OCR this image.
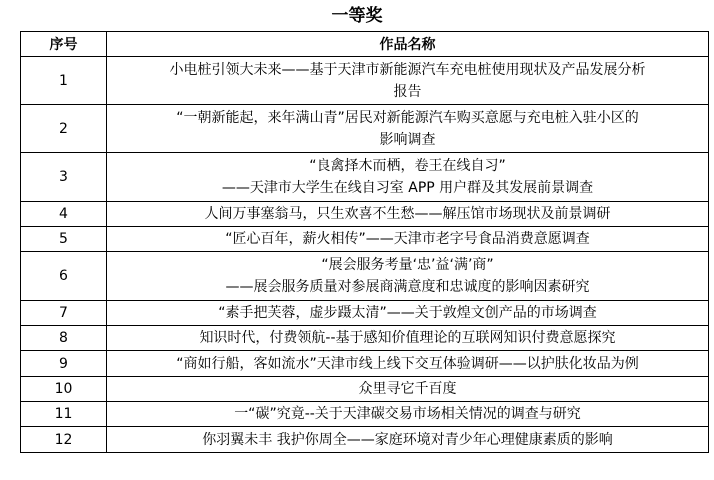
一等奖
序号	作品名称
1	小电桩引领大未来——基于天津市新能源汽车充电桩使用现状及产品发展分析
报告

2	“一朝新能起，来年满山青”居民对新能源汽车购买意愿与充电桩入驻小区的
影响调查

3	“良禽择木而栖，卷王在线自习”
——天津市大学生在线自习室 APP 用户群及其发展前景调查

4	人间万事塞翁马，只生欢喜不生愁——解压馆市场现状及前景调研

5	“匠心百年，薪火相传”——天津市老字号食品消费意愿调查

6	“展会服务考量‘忠’益‘满’商”
——展会服务质量对参展商满意度和忠诚度的影响因素研究

7	“素手把芙蓉，虚步蹑太清”——关于敦煌文创产品的市场调查

8	知识时代，付费领航--基于感知价值理论的互联网知识付费意愿探究

9	“商如行船，客如流水”天津市线上线下交互体验调研——以护肤化妆品为例

10	众里寻它千百度

11	一“碳”究竟--关于天津碳交易市场相关情况的调查与研究

12	你羽翼未丰 我护你周全——家庭环境对青少年心理健康素质的影响
